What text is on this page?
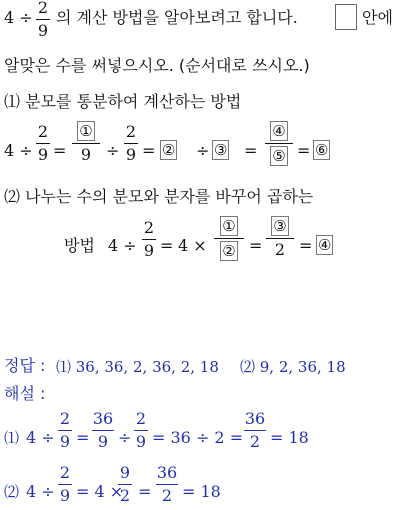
4 ÷
2
9
의 계산 방법을 알아보려고 합니다.	안에
알맞은 수를 써넣으시오. (순서대로 쓰시오.)
⑴ 분모를 통분하여 계산하는 방법
4 ÷
2
9 =
①
9 ÷
2
9 = ② ÷ ③ =
④
⑤ = ⑥
⑵ 나누는 수의 분모와 분자를 바꾸어 곱하는
방법 4 ÷
2
9 = 4 ×
①
② =
③
2 = ④
정답 : ⑴ 36, 36, 2, 36, 2, 18 ⑵ 9, 2, 36, 18
해설 :
⑴ 4 ÷
2
9 =
36
9 ÷
2
9 = 36 ÷ 2 =
36
2 = 18
⑵ 4 ÷
2
9 = 4 ×
9
2 =
36
2 = 18
